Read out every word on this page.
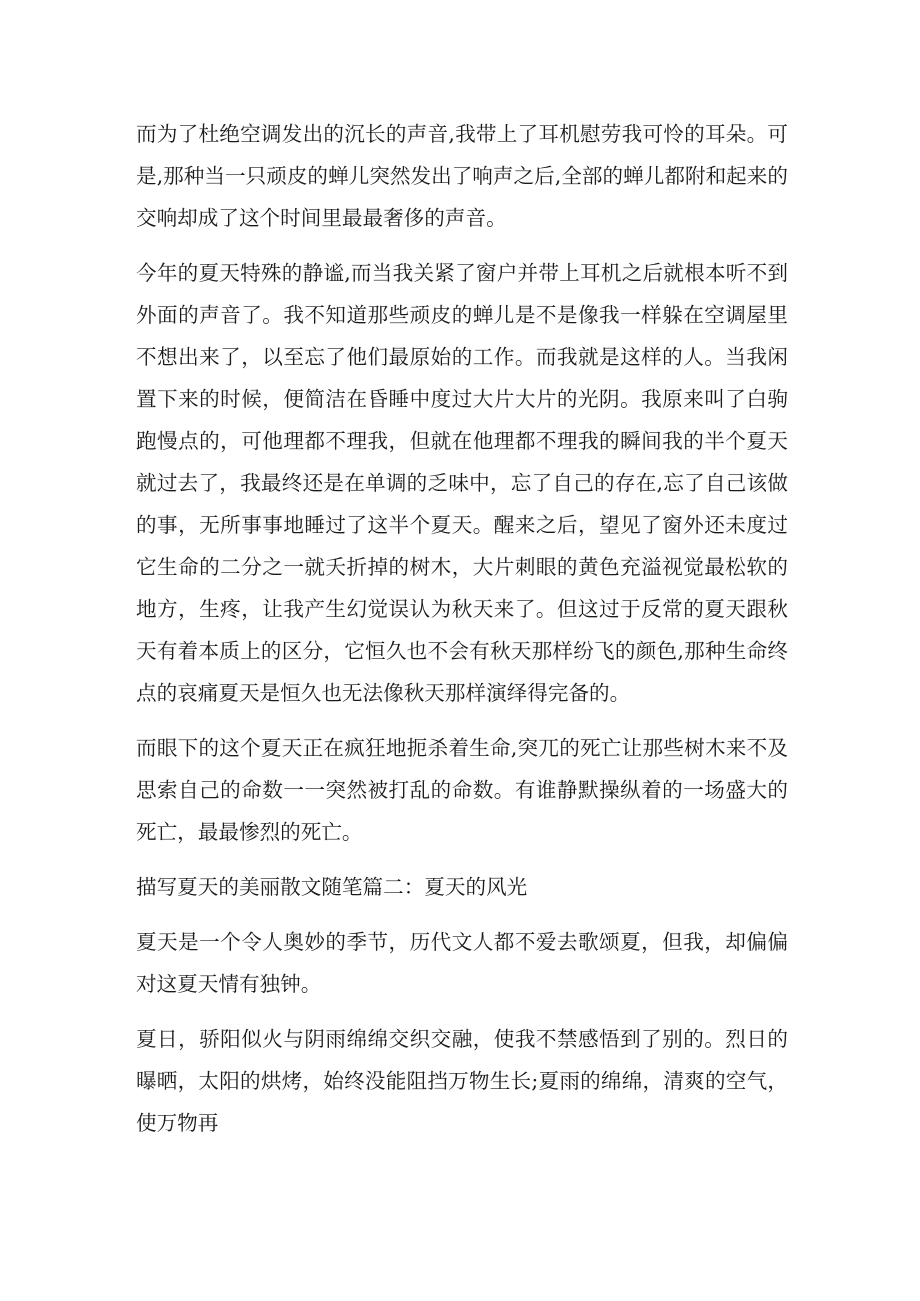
而为了杜绝空调发出的沉长的声音,我带上了耳机慰劳我可怜的耳朵。可是,那种当一只顽皮的蝉儿突然发出了响声之后,全部的蝉儿都附和起来的交响却成了这个时间里最最奢侈的声音。

今年的夏天特殊的静谧,而当我关紧了窗户并带上耳机之后就根本听不到外面的声音了。我不知道那些顽皮的蝉儿是不是像我一样躲在空调屋里不想出来了，以至忘了他们最原始的工作。而我就是这样的人。当我闲置下来的时候，便简洁在昏睡中度过大片大片的光阴。我原来叫了白驹跑慢点的，可他理都不理我，但就在他理都不理我的瞬间我的半个夏天就过去了，我最终还是在单调的乏味中，忘了自己的存在,忘了自己该做的事，无所事事地睡过了这半个夏天。醒来之后，望见了窗外还未度过它生命的二分之一就夭折掉的树木，大片刺眼的黄色充溢视觉最松软的地方，生疼，让我产生幻觉误认为秋天来了。但这过于反常的夏天跟秋天有着本质上的区分，它恒久也不会有秋天那样纷飞的颜色,那种生命终点的哀痛夏天是恒久也无法像秋天那样演绎得完备的。

而眼下的这个夏天正在疯狂地扼杀着生命,突兀的死亡让那些树木来不及思索自己的命数一一突然被打乱的命数。有谁静默操纵着的一场盛大的死亡，最最惨烈的死亡。

描写夏天的美丽散文随笔篇二：夏天的风光

夏天是一个令人奥妙的季节，历代文人都不爱去歌颂夏，但我，却偏偏对这夏天情有独钟。

夏日，骄阳似火与阴雨绵绵交织交融，使我不禁感悟到了别的。烈日的曝晒，太阳的烘烤，始终没能阻挡万物生长;夏雨的绵绵，清爽的空气，使万物再
